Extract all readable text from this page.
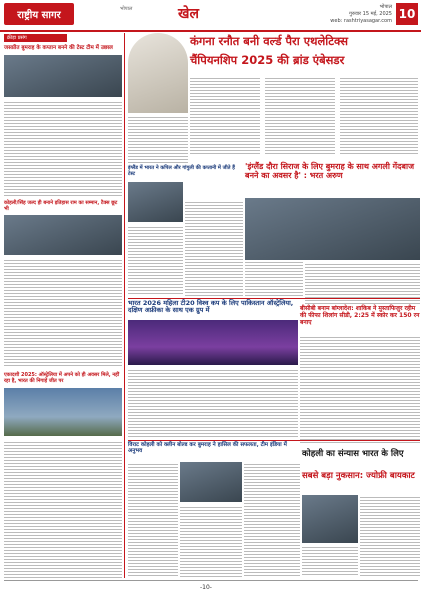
राष्ट्रीय सागर
भोपाल	खेल	भोपाल
गुरुवार 15 मई, 2025
web: rashtriyasagar.com 10
क्रीड़ा प्रसंग
जसप्रीत बुमराह के कप्तान बनने की टेस्ट टीम में उछाल	कंगना रनौत बनी वर्ल्ड पैरा एथलेटिक्स
चैंपियनशिप 2025 की ब्रांड एंबेसडर
इंग्लैंड में भारत ने कपिल और गांगुली की कप्तानी में जीते हैं टेस्ट
'इंग्लैंड दौरा सिराज के लिए बुमराह के साथ अगली गेंदबाज बनने का अवसर है' : भरत अरुण
कोहली/सिंह जल्द ही बनाने इतिहास राम का सम्मान, टैक्स छूट भी
भारत 2026 महिला टी20 विश्व कप के लिए पाकिस्तान ऑस्ट्रेलिया, दक्षिण अफ्रीका के साथ एक ग्रुप में	बीसीबी बनाम बांग्लादेश: शाकिब ने मुस्ताफिजुर रहीम की फीफा शिलांग सीडी, 2:25 में स्कोर कर 150 रन बनाए
एकादशी 2025: ऑस्ट्रेलिया में अपने को ही अवसर मिले, नहीं रहा है, भारत की निगाहें जीत पर
विराट कोहली को क्लीन बोल्ड कर बुमराह ने हासिल की सफलता, टीम इंडिया में अनुभव	कोहली का संन्यास भारत के लिए
सबसे बड़ा नुकसान: ज्योफ्री बायकाट
-10-
